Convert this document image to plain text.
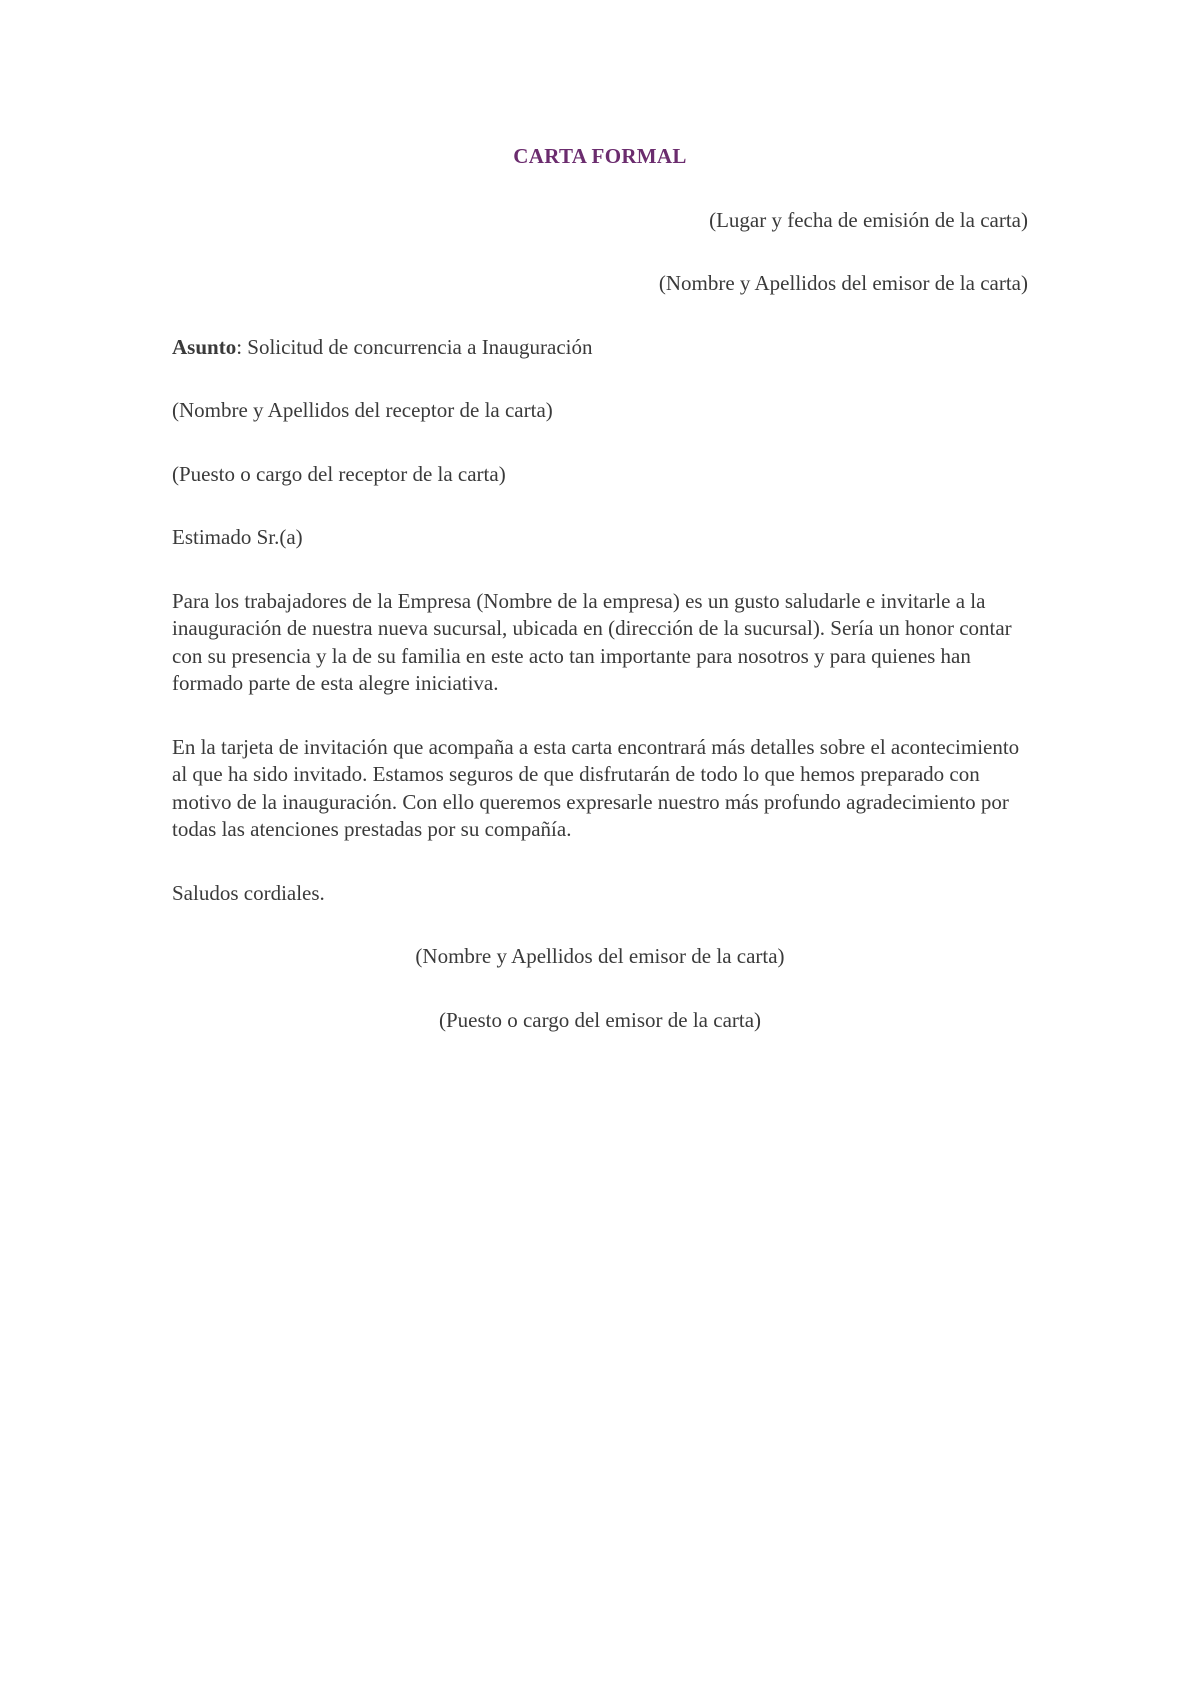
CARTA FORMAL
(Lugar y fecha de emisión de la carta)
(Nombre y Apellidos del emisor de la carta)
Asunto: Solicitud de concurrencia a Inauguración
(Nombre y Apellidos del receptor de la carta)
(Puesto o cargo del receptor de la carta)
Estimado Sr.(a)
Para los trabajadores de la Empresa (Nombre de la empresa) es un gusto saludarle e invitarle a la inauguración de nuestra nueva sucursal, ubicada en (dirección de la sucursal). Sería un honor contar con su presencia y la de su familia en este acto tan importante para nosotros y para quienes han formado parte de esta alegre iniciativa.
En la tarjeta de invitación que acompaña a esta carta encontrará más detalles sobre el acontecimiento al que ha sido invitado. Estamos seguros de que disfrutarán de todo lo que hemos preparado con motivo de la inauguración. Con ello queremos expresarle nuestro más profundo agradecimiento por todas las atenciones prestadas por su compañía.
Saludos cordiales.
(Nombre y Apellidos del emisor de la carta)
(Puesto o cargo del emisor de la carta)
